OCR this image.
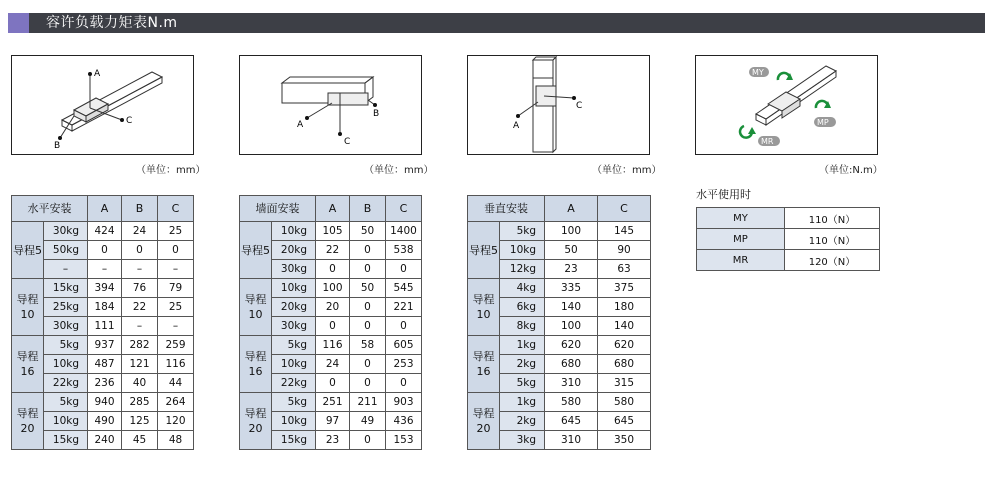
容许负载力矩表N.m
A
C
B
（单位：mm）
C
A
B
（单位：mm）
C
A
（单位：mm）
MY
MP
MR
（单位:N.m）
水平安装		A	B	C
导程5	30kg	424	24	25
	50kg	0	0	0
	–	–	–	–
导程10	15kg	394	76	79
	25kg	184	22	25
	30kg	111	–	–
导程16	5kg	937	282	259
	10kg	487	121	116
	22kg	236	40	44
导程20	5kg	940	285	264
	10kg	490	125	120
	15kg	240	45	48
墙面安装		A	B	C
导程5	10kg	105	50	1400
	20kg	22	0	538
	30kg	0	0	0
导程10	10kg	100	50	545
	20kg	20	0	221
	30kg	0	0	0
导程16	5kg	116	58	605
	10kg	24	0	253
	22kg	0	0	0
导程20	5kg	251	211	903
	10kg	97	49	436
	15kg	23	0	153
垂直安装		A	C
导程5	5kg	100	145
	10kg	50	90
	12kg	23	63
导程10	4kg	335	375
	6kg	140	180
	8kg	100	140
导程16	1kg	620	620
	2kg	680	680
	5kg	310	315
导程20	1kg	580	580
	2kg	645	645
	3kg	310	350
水平使用时
MY	110（N）
MP	110（N）
MR	120（N）
